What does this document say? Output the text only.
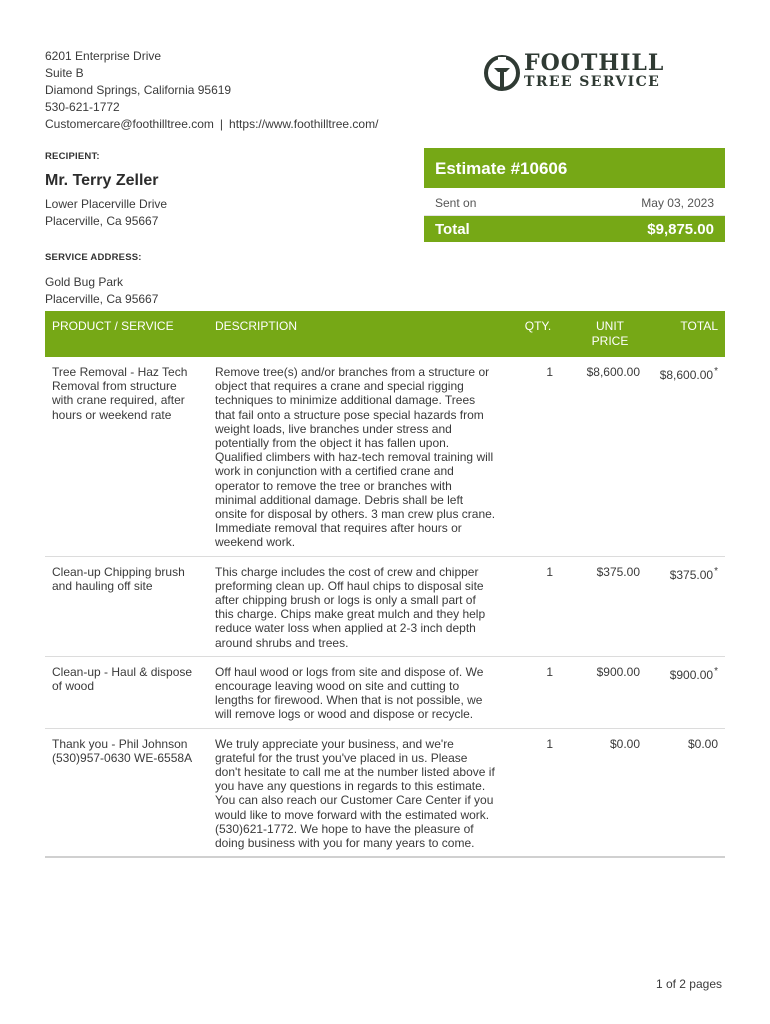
6201 Enterprise Drive
Suite B
Diamond Springs, California 95619
530-621-1772
Customercare@foothilltree.com | https://www.foothilltree.com/
FOOTHILL
TREE SERVICE
RECIPIENT:
Mr. Terry Zeller
Lower Placerville Drive
Placerville, Ca 95667
SERVICE ADDRESS:
Gold Bug Park
Placerville, Ca 95667
Estimate #10606
Sent on	May 03, 2023
Total	$9,875.00
PRODUCT / SERVICE	DESCRIPTION	QTY.	UNIT PRICE	TOTAL
Tree Removal - Haz Tech Removal from structure with crane required, after hours or weekend rate	Remove tree(s) and/or branches from a structure or object that requires a crane and special rigging techniques to minimize additional damage. Trees that fail onto a structure pose special hazards from weight loads, live branches under stress and potentially from the object it has fallen upon. Qualified climbers with haz-tech removal training will work in conjunction with a certified crane and operator to remove the tree or branches with minimal additional damage. Debris shall be left onsite for disposal by others. 3 man crew plus crane. Immediate removal that requires after hours or weekend work.	1	$8,600.00	$8,600.00*
Clean-up Chipping brush and hauling off site	This charge includes the cost of crew and chipper preforming clean up. Off haul chips to disposal site after chipping brush or logs is only a small part of this charge. Chips make great mulch and they help reduce water loss when applied at 2-3 inch depth around shrubs and trees.	1	$375.00	$375.00*
Clean-up - Haul & dispose of wood	Off haul wood or logs from site and dispose of. We encourage leaving wood on site and cutting to lengths for firewood. When that is not possible, we will remove logs or wood and dispose or recycle.	1	$900.00	$900.00*
Thank you - Phil Johnson (530)957-0630 WE-6558A	We truly appreciate your business, and we're grateful for the trust you've placed in us. Please don't hesitate to call me at the number listed above if you have any questions in regards to this estimate. You can also reach our Customer Care Center if you would like to move forward with the estimated work. (530)621-1772. We hope to have the pleasure of doing business with you for many years to come.	1	$0.00	$0.00
1 of 2 pages
